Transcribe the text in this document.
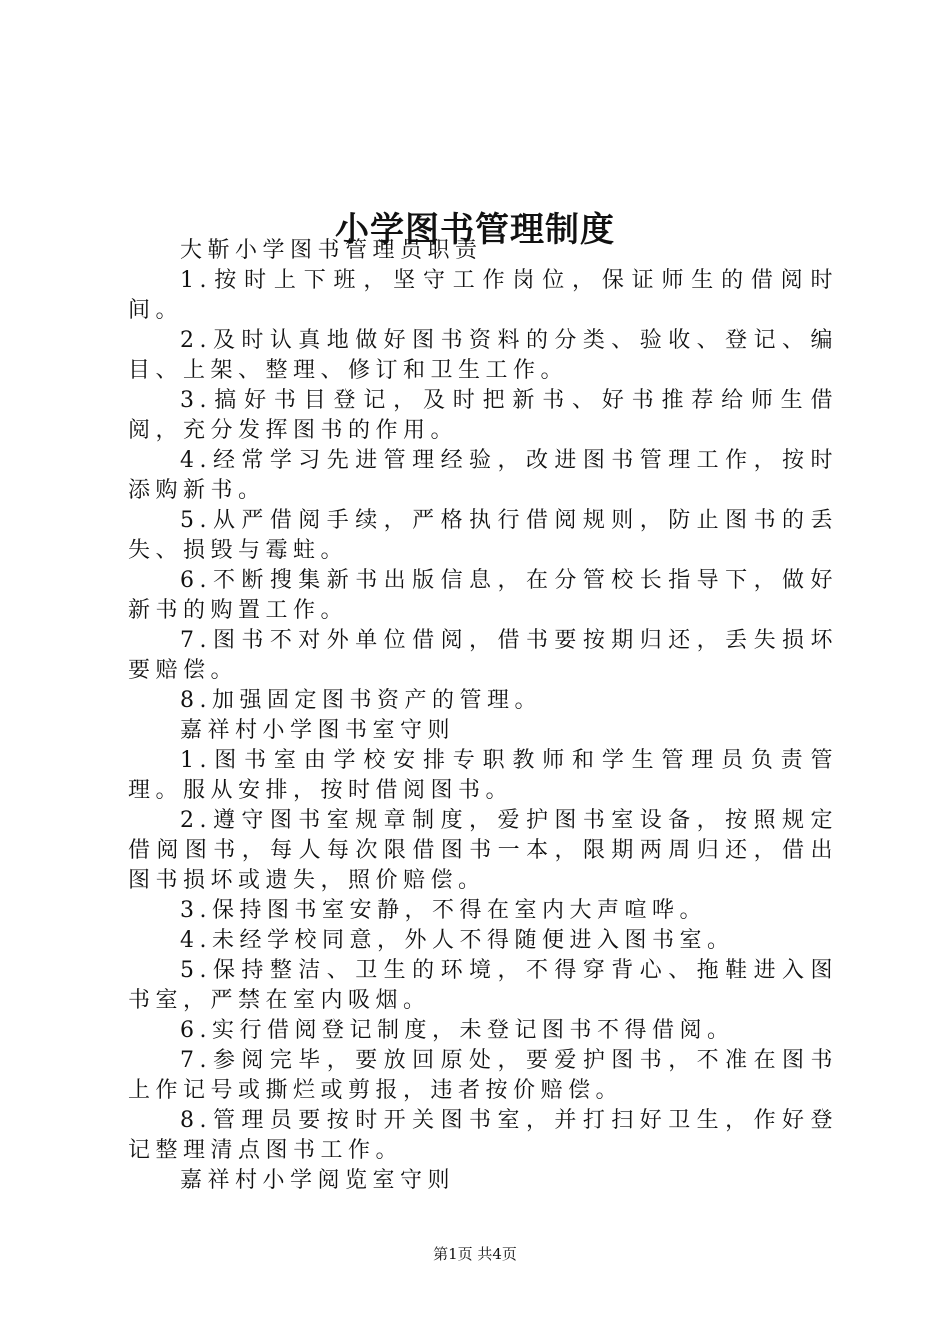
小学图书管理制度

大靳小学图书管理员职责

1.按时上下班，坚守工作岗位，保证师生的借阅时间。

2.及时认真地做好图书资料的分类、验收、登记、编目、上架、整理、修订和卫生工作。

3.搞好书目登记，及时把新书、好书推荐给师生借阅，充分发挥图书的作用。

4.经常学习先进管理经验，改进图书管理工作，按时添购新书。

5.从严借阅手续，严格执行借阅规则，防止图书的丢失、损毁与霉蛀。

6.不断搜集新书出版信息，在分管校长指导下，做好新书的购置工作。

7.图书不对外单位借阅，借书要按期归还，丢失损坏要赔偿。

8.加强固定图书资产的管理。

嘉祥村小学图书室守则

1.图书室由学校安排专职教师和学生管理员负责管理。服从安排，按时借阅图书。

2.遵守图书室规章制度，爱护图书室设备，按照规定借阅图书，每人每次限借图书一本，限期两周归还，借出图书损坏或遗失，照价赔偿。

3.保持图书室安静，不得在室内大声喧哗。

4.未经学校同意，外人不得随便进入图书室。

5.保持整洁、卫生的环境，不得穿背心、拖鞋进入图书室，严禁在室内吸烟。

6.实行借阅登记制度，未登记图书不得借阅。

7.参阅完毕，要放回原处，要爱护图书，不准在图书上作记号或撕烂或剪报，违者按价赔偿。

8.管理员要按时开关图书室，并打扫好卫生，作好登记整理清点图书工作。

嘉祥村小学阅览室守则

第1页 共4页
